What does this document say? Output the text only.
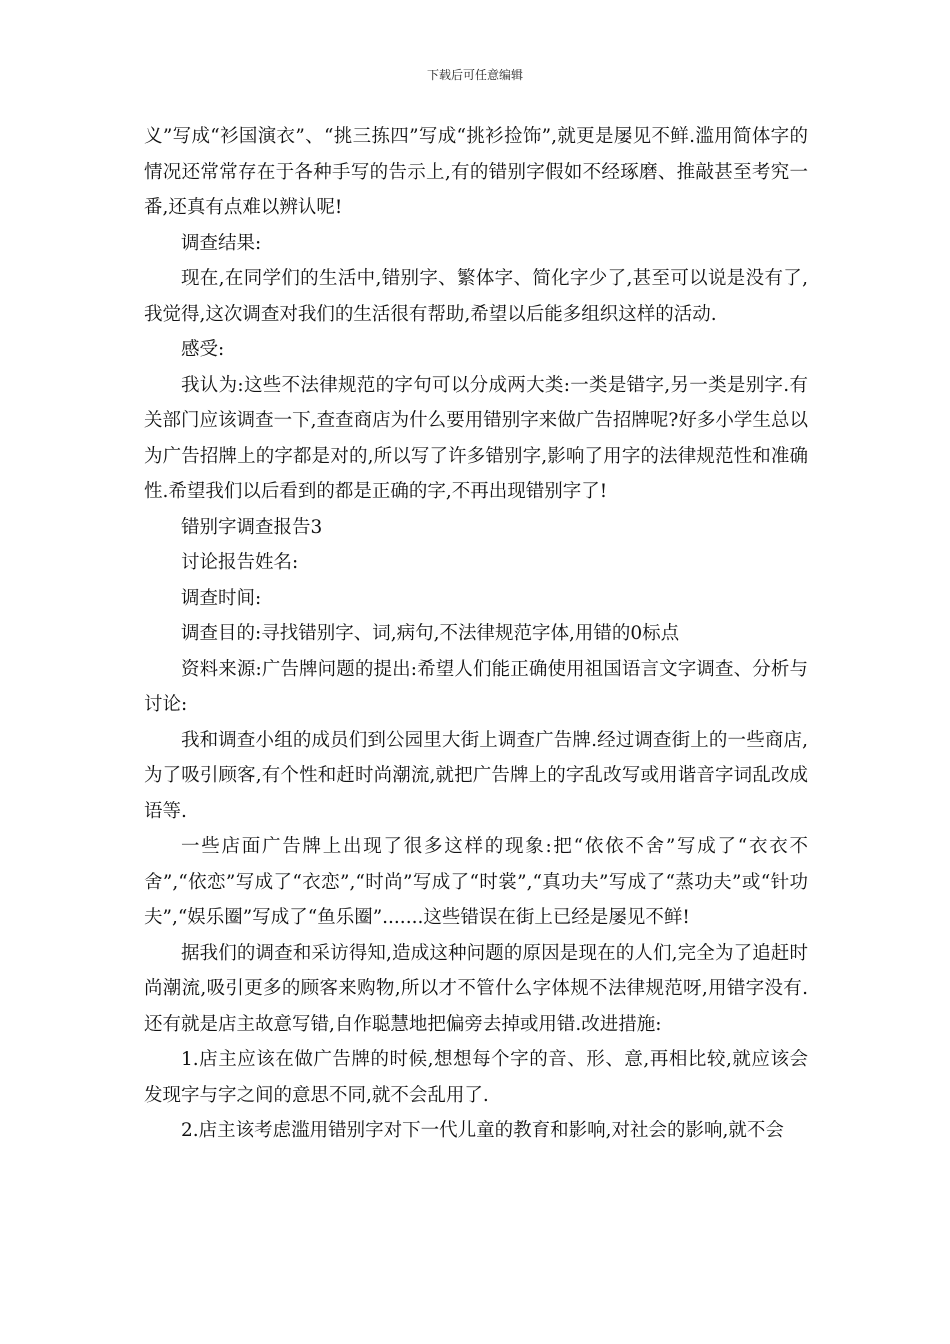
下载后可任意编辑

义”写成“衫国演衣”、“挑三拣四”写成“挑衫捡饰”,就更是屡见不鲜.滥用简体字的情况还常常存在于各种手写的告示上,有的错别字假如不经琢磨、推敲甚至考究一番,还真有点难以辨认呢!

调查结果:

现在,在同学们的生活中,错别字、繁体字、简化字少了,甚至可以说是没有了,我觉得,这次调查对我们的生活很有帮助,希望以后能多组织这样的活动.

感受:

我认为:这些不法律规范的字句可以分成两大类:一类是错字,另一类是别字.有关部门应该调查一下,查查商店为什么要用错别字来做广告招牌呢?好多小学生总以为广告招牌上的字都是对的,所以写了许多错别字,影响了用字的法律规范性和准确性.希望我们以后看到的都是正确的字,不再出现错别字了!

错别字调查报告3

讨论报告姓名:

调查时间:

调查目的:寻找错别字、词,病句,不法律规范字体,用错的0标点

资料来源:广告牌问题的提出:希望人们能正确使用祖国语言文字调查、分析与讨论:

我和调查小组的成员们到公园里大街上调查广告牌.经过调查街上的一些商店,为了吸引顾客,有个性和赶时尚潮流,就把广告牌上的字乱改写或用谐音字词乱改成语等.

一些店面广告牌上出现了很多这样的现象:把“依依不舍”写成了“衣衣不舍”,“依恋”写成了“衣恋”,“时尚”写成了“时裳”,“真功夫”写成了“蒸功夫”或“针功夫”,“娱乐圈”写成了“鱼乐圈”.......这些错误在街上已经是屡见不鲜!

据我们的调查和采访得知,造成这种问题的原因是现在的人们,完全为了追赶时尚潮流,吸引更多的顾客来购物,所以才不管什么字体规不法律规范呀,用错字没有.还有就是店主故意写错,自作聪慧地把偏旁去掉或用错.改进措施:

1.店主应该在做广告牌的时候,想想每个字的音、形、意,再相比较,就应该会发现字与字之间的意思不同,就不会乱用了.

2.店主该考虑滥用错别字对下一代儿童的教育和影响,对社会的影响,就不会
